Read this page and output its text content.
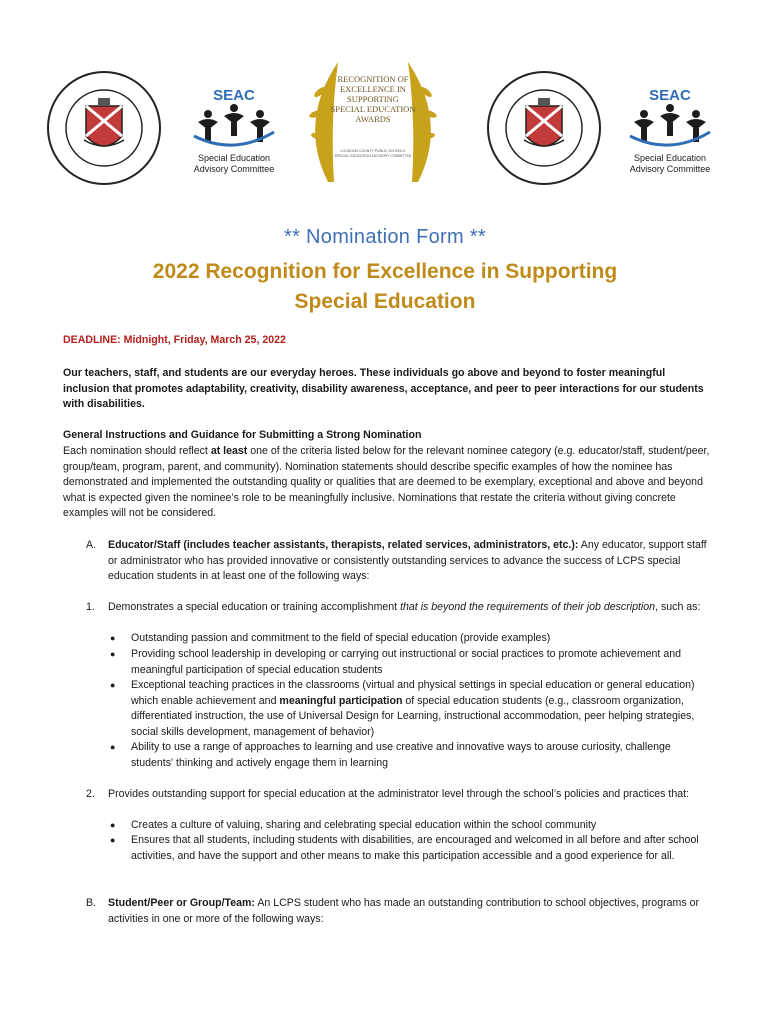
SEAC
Special Education
Advisory Committee
RECOGNITION OF
EXCELLENCE IN
SUPPORTING
SPECIAL EDUCATION
AWARDS
LOUDOUN COUNTY PUBLIC SCHOOLS
SPECIAL EDUCATION ADVISORY COMMITTEE
SEAC
Special Education
Advisory Committee
** Nomination Form **
2022 Recognition for Excellence in Supporting
Special Education
DEADLINE: Midnight, Friday, March 25, 2022
Our teachers, staff, and students are our everyday heroes. These individuals go above and beyond to foster meaningful inclusion that promotes adaptability, creativity, disability awareness, acceptance, and peer to peer interactions for our students with disabilities.
General Instructions and Guidance for Submitting a Strong Nomination
Each nomination should reflect at least one of the criteria listed below for the relevant nominee category (e.g. educator/staff, student/peer, group/team, program, parent, and community). Nomination statements should describe specific examples of how the nominee has demonstrated and implemented the outstanding quality or qualities that are deemed to be exemplary, exceptional and above and beyond what is expected given the nominee’s role to be meaningfully inclusive. Nominations that restate the criteria without giving concrete examples will not be considered.
A. Educator/Staff (includes teacher assistants, therapists, related services, administrators, etc.): Any educator, support staff or administrator who has provided innovative or consistently outstanding services to advance the success of LCPS special education students in at least one of the following ways:
1. Demonstrates a special education or training accomplishment that is beyond the requirements of their job description, such as:
● Outstanding passion and commitment to the field of special education (provide examples)
● Providing school leadership in developing or carrying out instructional or social practices to promote achievement and meaningful participation of special education students
● Exceptional teaching practices in the classrooms (virtual and physical settings in special education or general education) which enable achievement and meaningful participation of special education students (e.g., classroom organization, differentiated instruction, the use of Universal Design for Learning, instructional accommodation, peer helping strategies, social skills development, management of behavior)
● Ability to use a range of approaches to learning and use creative and innovative ways to arouse curiosity, challenge students' thinking and actively engage them in learning
2. Provides outstanding support for special education at the administrator level through the school’s policies and practices that:
● Creates a culture of valuing, sharing and celebrating special education within the school community
● Ensures that all students, including students with disabilities, are encouraged and welcomed in all before and after school activities, and have the support and other means to make this participation accessible and a good experience for all.
B. Student/Peer or Group/Team: An LCPS student who has made an outstanding contribution to school objectives, programs or activities in one or more of the following ways:
